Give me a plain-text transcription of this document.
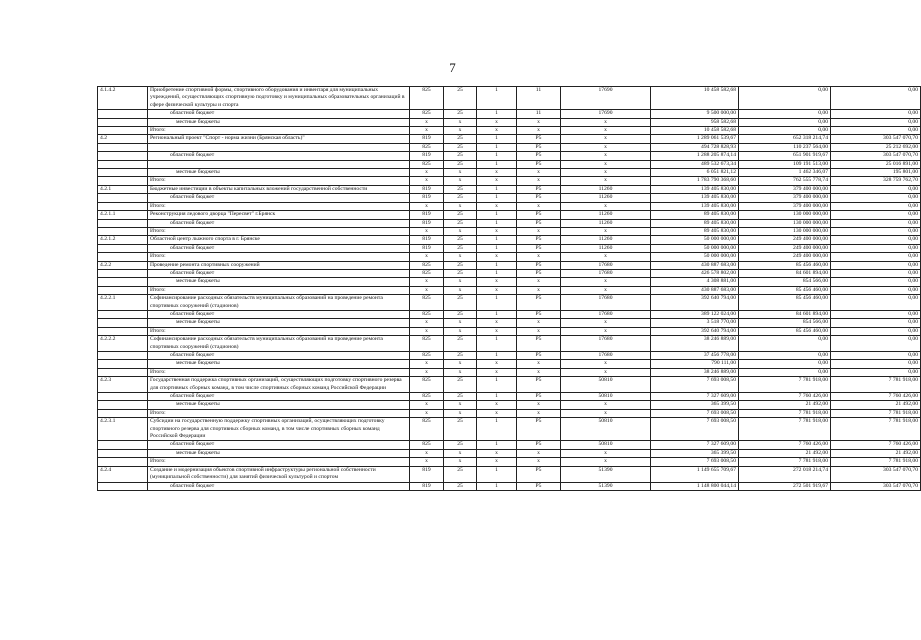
7
4.1.4.2	Приобретение спортивной формы, спортивного оборудования и инвентаря для муниципальных учреждений, осуществляющих спортивную подготовку и муниципальных образовательных организаций в сфере физической культуры и спорта	825	25	1	11	17690	10 458 582,68	0,00	0,00
	областной бюджет	825	25	1	11	17690	9 500 000,00	0,00	0,00
	местные бюджеты	х	х	х	х	х	958 582,68	0,00	0,00
	Итого:	х	х	х	х	х	10 458 582,68	0,00	0,00
4.2	Региональный проект "Спорт - норма жизни (Брянская область)"	819	25	1	P5	х	1 289 061 539,67	652 318 214,74	303 547 070,70
		825	25	1	P5	х	494 728 828,93	110 237 564,00	25 212 692,00
	областной бюджет	819	25	1	P5	х	1 288 205 874,14	651 901 919,67	303 547 070,70
		825	25	1	P5	х	489 532 673,34	109 191 513,00	25 016 891,00
	местные бюджеты	х	х	х	х	х	6 051 821,12	1 462 346,07	195 801,00
	Итого:	х	х	х	х	х	1 783 790 368,60	762 555 778,74	328 759 762,70
4.2.1	Бюджетные инвестиции в объекты капитальных вложений государственной собственности	819	25	1	P5	11260	139 405 830,00	379 400 000,00	0,00
	областной бюджет	819	25	1	P5	11260	139 405 830,00	379 400 000,00	0,00
	Итого:	х	х	х	х	х	139 405 830,00	379 400 000,00	0,00
4.2.1.1	Реконструкция ледового дворца "Пересвет" г.Брянск	819	25	1	P5	11260	89 405 830,00	130 000 000,00	0,00
	областной бюджет	819	25	1	P5	11260	89 405 830,00	130 000 000,00	0,00
	Итого:	х	х	х	х	х	89 405 830,00	130 000 000,00	0,00
4.2.1.2	Областной центр лыжного спорта в г. Брянске	819	25	1	P5	11260	50 000 000,00	249 400 000,00	0,00
	областной бюджет	819	25	1	P5	11260	50 000 000,00	249 400 000,00	0,00
	Итого:	х	х	х	х	х	50 000 000,00	249 400 000,00	0,00
4.2.2	Проведение ремонта спортивных сооружений	825	25	1	P5	17680	430 887 683,00	85 456 460,00	0,00
	областной бюджет	825	25	1	P5	17680	426 578 802,00	84 601 894,00	0,00
	местные бюджеты	х	х	х	х	х	4 308 881,00	854 566,00	0,00
	Итого:	х	х	х	х	х	430 887 683,00	85 456 460,00	0,00
4.2.2.1	Софинансирование расходных обязательств муниципальных образований на проведение ремонта спортивных сооружений (стадионов)	825	25	1	P5	17680	392 640 794,00	85 456 460,00	0,00
	областной бюджет	825	25	1	P5	17680	389 122 024,00	84 601 894,00	0,00
	местные бюджеты	х	х	х	х	х	3 518 770,00	854 566,00	0,00
	Итого:	х	х	х	х	х	392 640 794,00	85 456 460,00	0,00
4.2.2.2	Софинансирование расходных обязательств муниципальных образований на проведение ремонта спортивных сооружений (стадионов)	825	25	1	P5	17680	38 246 889,00	0,00	0,00
	областной бюджет	825	25	1	P5	17680	37 456 778,00	0,00	0,00
	местные бюджеты	х	х	х	х	х	790 111,00	0,00	0,00
	Итого:	х	х	х	х	х	38 246 889,00	0,00	0,00
4.2.3	Государственная поддержка спортивных организаций, осуществляющих подготовку спортивного резерва для спортивных сборных команд, в том числе спортивных сборных команд Российской Федерации	825	25	1	P5	50810	7 693 008,50	7 781 918,00	7 781 918,00
	областной бюджет	825	25	1	P5	50810	7 327 609,00	7 760 426,00	7 760 426,00
	местные бюджеты	х	х	х	х	х	365 399,50	21 492,00	21 492,00
	Итого:	х	х	х	х	х	7 693 008,50	7 781 918,00	7 781 918,00
4.2.3.1	Субсидии на государственную поддержку спортивных организаций, осуществляющих подготовку спортивного резерва для спортивных сборных команд, в том числе спортивных сборных команд Российской Федерации	825	25	1	P5	50810	7 693 008,50	7 781 918,00	7 781 918,00
	областной бюджет	825	25	1	P5	50810	7 327 609,00	7 760 426,00	7 760 426,00
	местные бюджеты	х	х	х	х	х	365 399,50	21 492,00	21 492,00
	Итого:	х	х	х	х	х	7 693 008,50	7 781 918,00	7 781 918,00
4.2.4	Создание и модернизация объектов спортивной инфраструктуры региональной собственности (муниципальной собственности) для занятий физической культурой и спортом	819	25	1	P5	51390	1 149 655 709,67	272 018 214,74	303 547 070,70
	областной бюджет	819	25	1	P5	51390	1 148 800 044,14	272 501 919,67	303 547 070,70
